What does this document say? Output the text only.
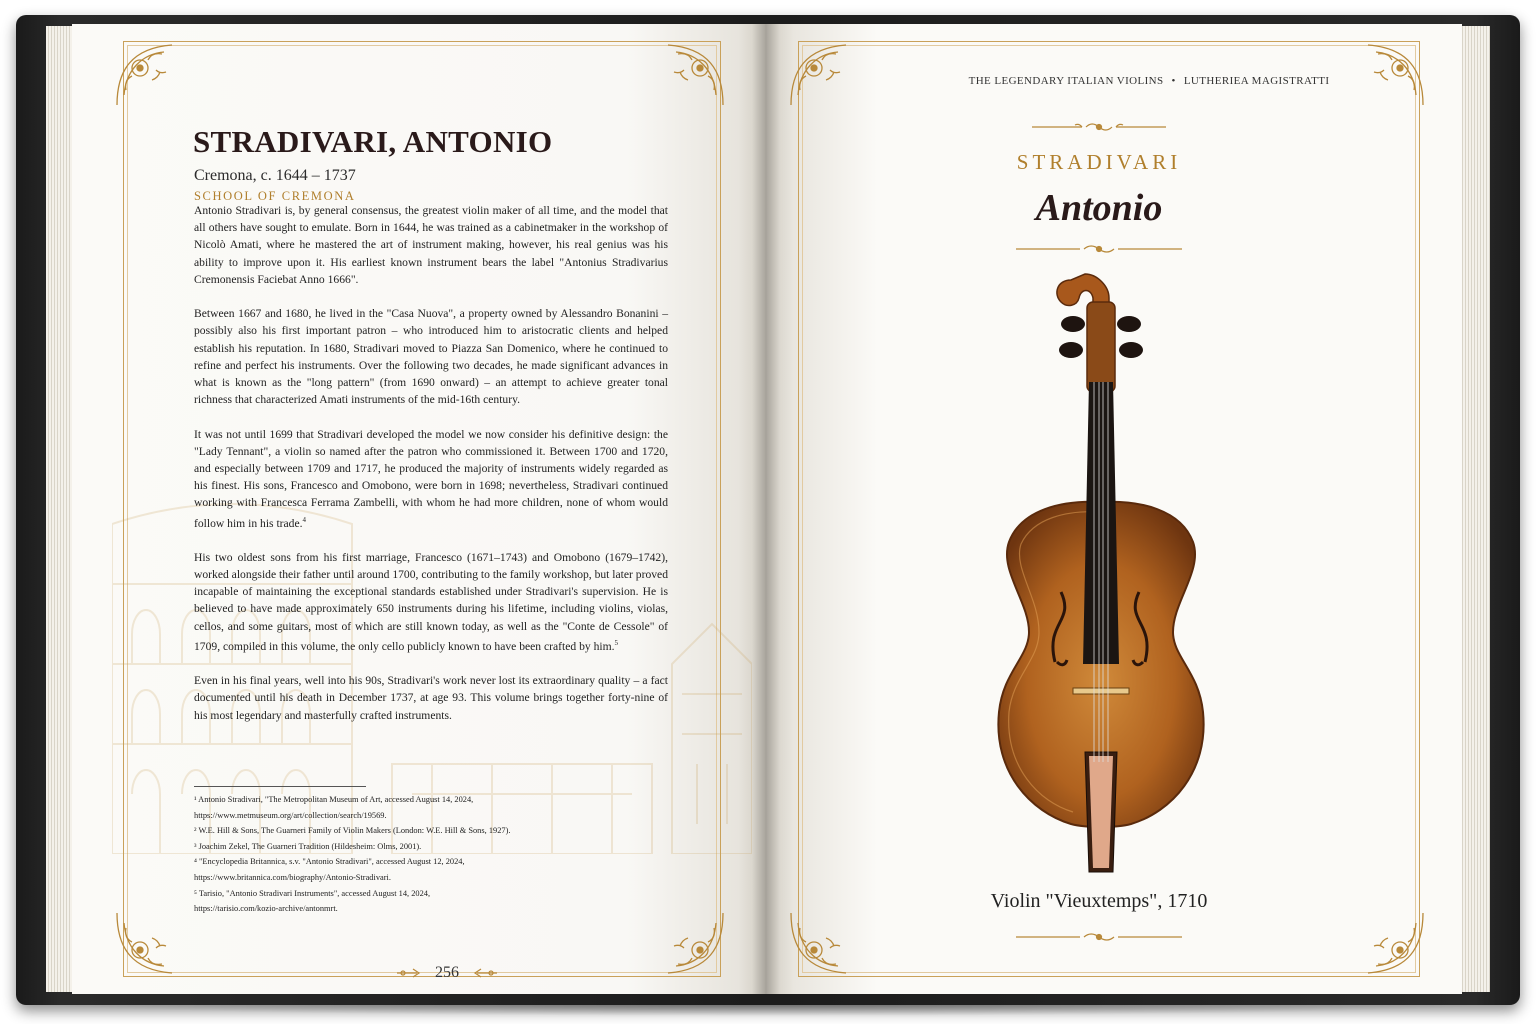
STRADIVARI, ANTONIO
Cremona, c. 1644 – 1737
SCHOOL OF CREMONA

Antonio Stradivari is, by general consensus, the greatest violin maker of all time, and the model that all others have sought to emulate. Born in 1644, he was trained as a cabinetmaker in the workshop of Nicolò Amati, where he mastered the art of instrument making, however, his real genius was his ability to improve upon it. His earliest known instrument bears the label "Antonius Stradivarius Cremonensis Faciebat Anno 1666".

Between 1667 and 1680, he lived in the "Casa Nuova", a property owned by Alessandro Bonanini – possibly also his first important patron – who introduced him to aristocratic clients and helped establish his reputation. In 1680, Stradivari moved to Piazza San Domenico, where he continued to refine and perfect his instruments. Over the following two decades, he made significant advances in what is known as the "long pattern" (from 1690 onward) – an attempt to achieve greater tonal richness that characterized Amati instruments of the mid-16th century.

It was not until 1699 that Stradivari developed the model we now consider his definitive design: the "Lady Tennant", a violin so named after the patron who commissioned it. Between 1700 and 1720, and especially between 1709 and 1717, he produced the majority of instruments widely regarded as his finest. His sons, Francesco and Omobono, were born in 1698; nevertheless, Stradivari continued working with Francesca Ferrama Zambelli, with whom he had more children, none of whom would follow him in his trade.$^4$

His two oldest sons from his first marriage, Francesco (1671–1743) and Omobono (1679–1742), worked alongside their father until around 1700, contributing to the family workshop, but later proved incapable of maintaining the exceptional standards established under Stradivari's supervision. He is believed to have made approximately 650 instruments during his lifetime, including violins, violas, cellos, and some guitars, most of which are still known today, as well as the "Conte de Cessole" of 1709, compiled in this volume, the only cello publicly known to have been crafted by him.$^5$

Even in his final years, well into his 90s, Stradivari's work never lost its extraordinary quality – a fact documented until his death in December 1737, at age 93. This volume brings together forty-nine of his most legendary and masterfully crafted instruments.

¹ Antonio Stradivari, "The Metropolitan Museum of Art, accessed August 14, 2024,
https://www.metmuseum.org/art/collection/search/19569.
² W.E. Hill & Sons, The Guarneri Family of Violin Makers (London: W.E. Hill & Sons, 1927).
³ Joachim Zekel, The Guarneri Tradition (Hildesheim: Olms, 2001).
⁴ "Encyclopedia Britannica, s.v. "Antonio Stradivari", accessed August 12, 2024,
https://www.britannica.com/biography/Antonio-Stradivari.
⁵ Tarisio, "Antonio Stradivari Instruments", accessed August 14, 2024,
https://tarisio.com/kozio-archive/antonmrt.
256
THE LEGENDARY ITALIAN VIOLINS • LUTHERIEA MAGISTRATTI
STRADIVARI
Antonio
Violin "Vieuxtemps", 1710
